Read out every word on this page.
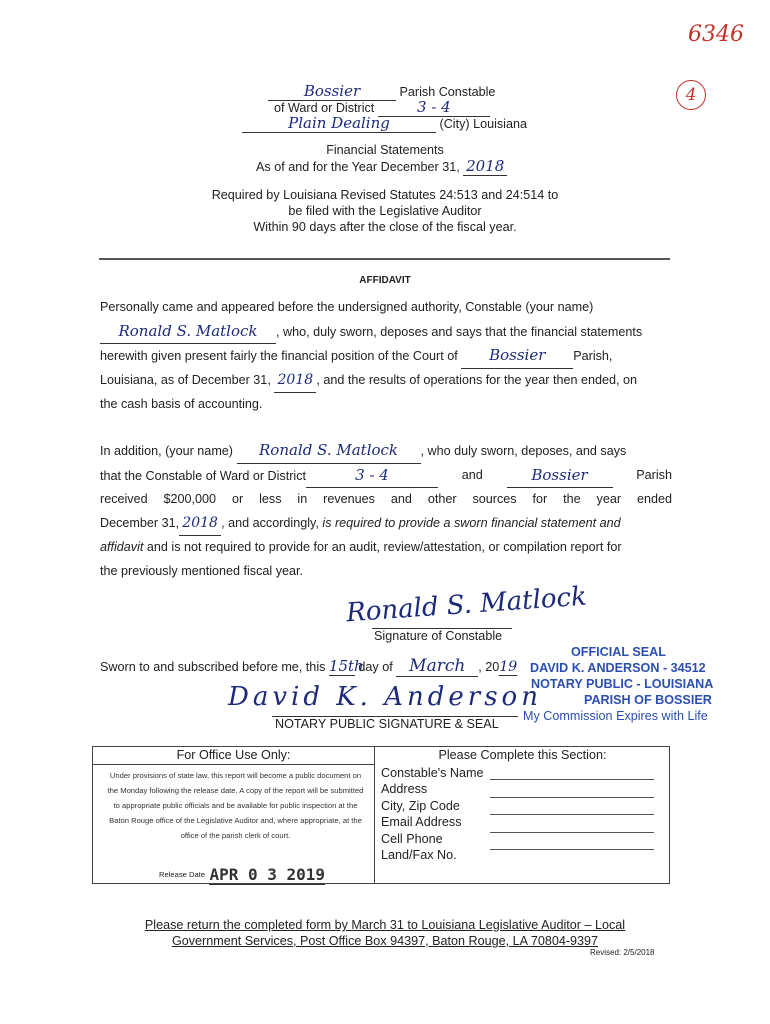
6346
4
Bossier	Parish Constable
of Ward or District	3 - 4
Plain Dealing	(City) Louisiana
Financial Statements
As of and for the Year December 31, 2018
Required by Louisiana Revised Statutes 24:513 and 24:514 to
be filed with the Legislative Auditor
Within 90 days after the close of the fiscal year.
AFFIDAVIT
Personally came and appeared before the undersigned authority, Constable (your name)
Ronald S. Matlock , who, duly sworn, deposes and says that the financial statements
herewith given present fairly the financial position of the Court of Bossier Parish,
Louisiana, as of December 31, 2018 , and the results of operations for the year then ended, on
the cash basis of accounting.
In addition, (your name) Ronald S. Matlock , who duly sworn, deposes, and says
that the Constable of Ward or District	3 - 4	and	Bossier	Parish
received $200,000 or less in revenues and other sources for the year ended
December 31, 2018 , and accordingly, is required to provide a sworn financial statement and
affidavit and is not required to provide for an audit, review/attestation, or compilation report for
the previously mentioned fiscal year.
Ronald S. Matlock
Signature of Constable
Sworn to and subscribed before me, this 15th day of March , 2019
OFFICIAL SEAL
DAVID K. ANDERSON - 34512
NOTARY PUBLIC - LOUISIANA
PARISH OF BOSSIER
My Commission Expires with Life
David K. Anderson
NOTARY PUBLIC SIGNATURE & SEAL
For Office Use Only:
Under provisions of state law, this report will become a public document on the Monday following the release date. A copy of the report will be submitted to appropriate public officials and be available for public inspection at the Baton Rouge office of the Legislative Auditor and, where appropriate, at the office of the parish clerk of court.
Release Date APR 0 3 2019
Please Complete this Section:
Constable's Name
Address
City, Zip Code
Email Address
Cell Phone
Land/Fax No.
Please return the completed form by March 31 to Louisiana Legislative Auditor – Local
Government Services, Post Office Box 94397, Baton Rouge, LA 70804-9397
Revised: 2/5/2018
